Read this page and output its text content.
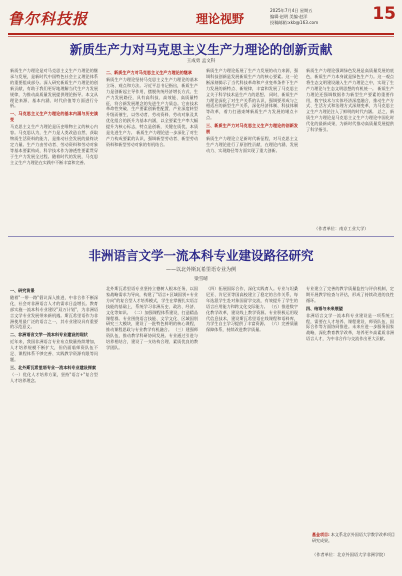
鲁尔科技报	理论视野
2025年7月4日 星期五
编辑·赵明 美编·赵洋
投稿邮箱:xkb@163.com	15
新质生产力对马克思主义生产力理论的创新贡献
王成勇 孟文科
新质生产力理论是对马克思主义生产力理论的继承与发展，是新时代中国特色社会主义理论体系的重要组成部分。深入研究新质生产力理论的创新贡献，有助于我们更好地理解当代生产力发展规律，为推动高质量发展提供理论指导。本文从理论来源、基本内涵、时代价值等方面进行分析。
一、马克思主义生产力理论的基本内涵与历史演变
马克思主义生产力理论是历史唯物主义的核心内容。马克思认为，生产力是人类改造自然、获取物质生活资料的能力，是推动社会发展的最终决定力量。生产力由劳动者、劳动资料和劳动对象等基本要素构成，科学技术作为渗透性要素贯穿于生产力发展全过程。随着时代的发展，马克思主义生产力理论在实践中不断丰富和完善。
二、新质生产力对马克思主义生产力理论的继承
新质生产力理论坚持马克思主义生产力理论的基本立场、观点和方法。习近平总书记指出，新质生产力是创新起主导作用，摆脱传统经济增长方式、生产力发展路径，具有高科技、高效能、高质量特征，符合新发展理念的先进生产力质态。它由技术革命性突破、生产要素创新性配置、产业深度转型升级而催生，以劳动者、劳动资料、劳动对象及其优化组合的跃升为基本内涵，以全要素生产率大幅提升为核心标志，特点是创新，关键在质优，本质是先进生产力。 新质生产力理论进一步深化了对生产力构成要素的认识，强调新型劳动者、新型劳动资料和新型劳动对象的有机结合。
新质生产力理论拓展了生产力发展的动力来源，强调科技创新是发展新质生产力的核心要素。这一论断深刻揭示了当代科技革命和产业变革条件下生产力发展的新特点、新规律，丰富和发展了马克思主义关于科学技术是生产力的思想。 同时，新质生产力理论深化了对生产关系的认识，强调要形成与之相适应的新型生产关系，深化经济体制、科技体制等改革，着力打通束缚新质生产力发展的堵点卡点。
三、新质生产力对马克思主义生产力理论的创新发展
新质生产力理论立足新时代新征程，对马克思主义生产力理论进行了原创性贡献，在理论内涵、发展动力、实现路径等方面实现了重大创新。
新质生产力理论强调绿色发展是高质量发展的底色，新质生产力本身就是绿色生产力。这一观点将生态文明建设融入生产力理论之中，实现了生产力理论与生态文明思想的有机统一。 新质生产力理论还强调数据作为新型生产要素的重要作用，数字技术与实体经济深度融合，推动生产方式、生活方式和治理方式深刻变革，为马克思主义生产力理论注入了鲜明的时代内涵。 总之，新质生产力理论是马克思主义生产力理论中国化时代化的最新成果，为新时代推动高质量发展提供了科学指引。
（作者单位：南京工业大学）
非洲语言文学一流本科专业建设路径研究
——以北外斯瓦希里语专业为例
梁雪晴
一、研究背景
随着"一带一路"倡议深入推进，中非合作不断深化，社会对非洲语言人才的需求日益增长。教育部实施一流本科专业建设"双万计划"，为非洲语言文学专业发展带来新机遇。斯瓦希里语作为非洲使用最广泛的语言之一，其专业建设具有重要的示范意义。
二、非洲语言文学一流本科专业建设的现状
近年来，我国非洲语言专业布点数量持续增加，人才培养规模不断扩大，但仍面临师资队伍不足、课程体系不够完善、实践教学资源有限等问题。
三、北外斯瓦希里语专业一流本科专业建设探索
（一）优化人才培养方案，坚持"语言+"复合型人才培养理念。
北外斯瓦希里语专业坚持立德树人根本任务，以国家战略需求为导向，构建了"语言+区域国别+专业方向"的复合型人才培养模式，学生在掌握扎实语言技能的基础上，系统学习非洲历史、政治、经济、文化等知识。 （二）加强课程体系建设，打造精品课程群。专业围绕语言技能、文学文化、区域国别研究三大模块，建设了一批特色鲜明的核心课程，推动课程思政与专业教学有机融合。 （三）建强师资队伍，推动教学科研协同发展。专业通过引进与培养相结合，建设了一支结构合理、素质优良的教学团队。
（四）拓展国际合作，深化实践育人。专业与坦桑尼亚、肯尼亚等国高校建立了稳定的合作关系，每年选派学生赴对象国留学交流，有效提升了学生的语言应用能力和跨文化交际能力。 （五）推进数字化教学改革，建设线上教学资源。专业积极运用现代信息技术，建设斯瓦希里语在线课程和语料库，为学生自主学习提供了丰富资源。 （六）完善质量保障体系，持续改进教学质量。
专业建立了完善的教学质量监控与评价机制，定期开展教学检查与评估，形成了持续改进的良性循环。
四、结语与未来展望
非洲语言文学一流本科专业建设是一项系统工程，需要在人才培养、课程建设、师资队伍、国际合作等方面协同推进。未来应进一步服务国家战略，深化教育教学改革，培养更多高素质非洲语言人才，为中非合作与交流作出更大贡献。
基金项目: 本文系北京外国语大学教学改革项目研究成果。
（作者单位：北京外国语大学非洲学院）
